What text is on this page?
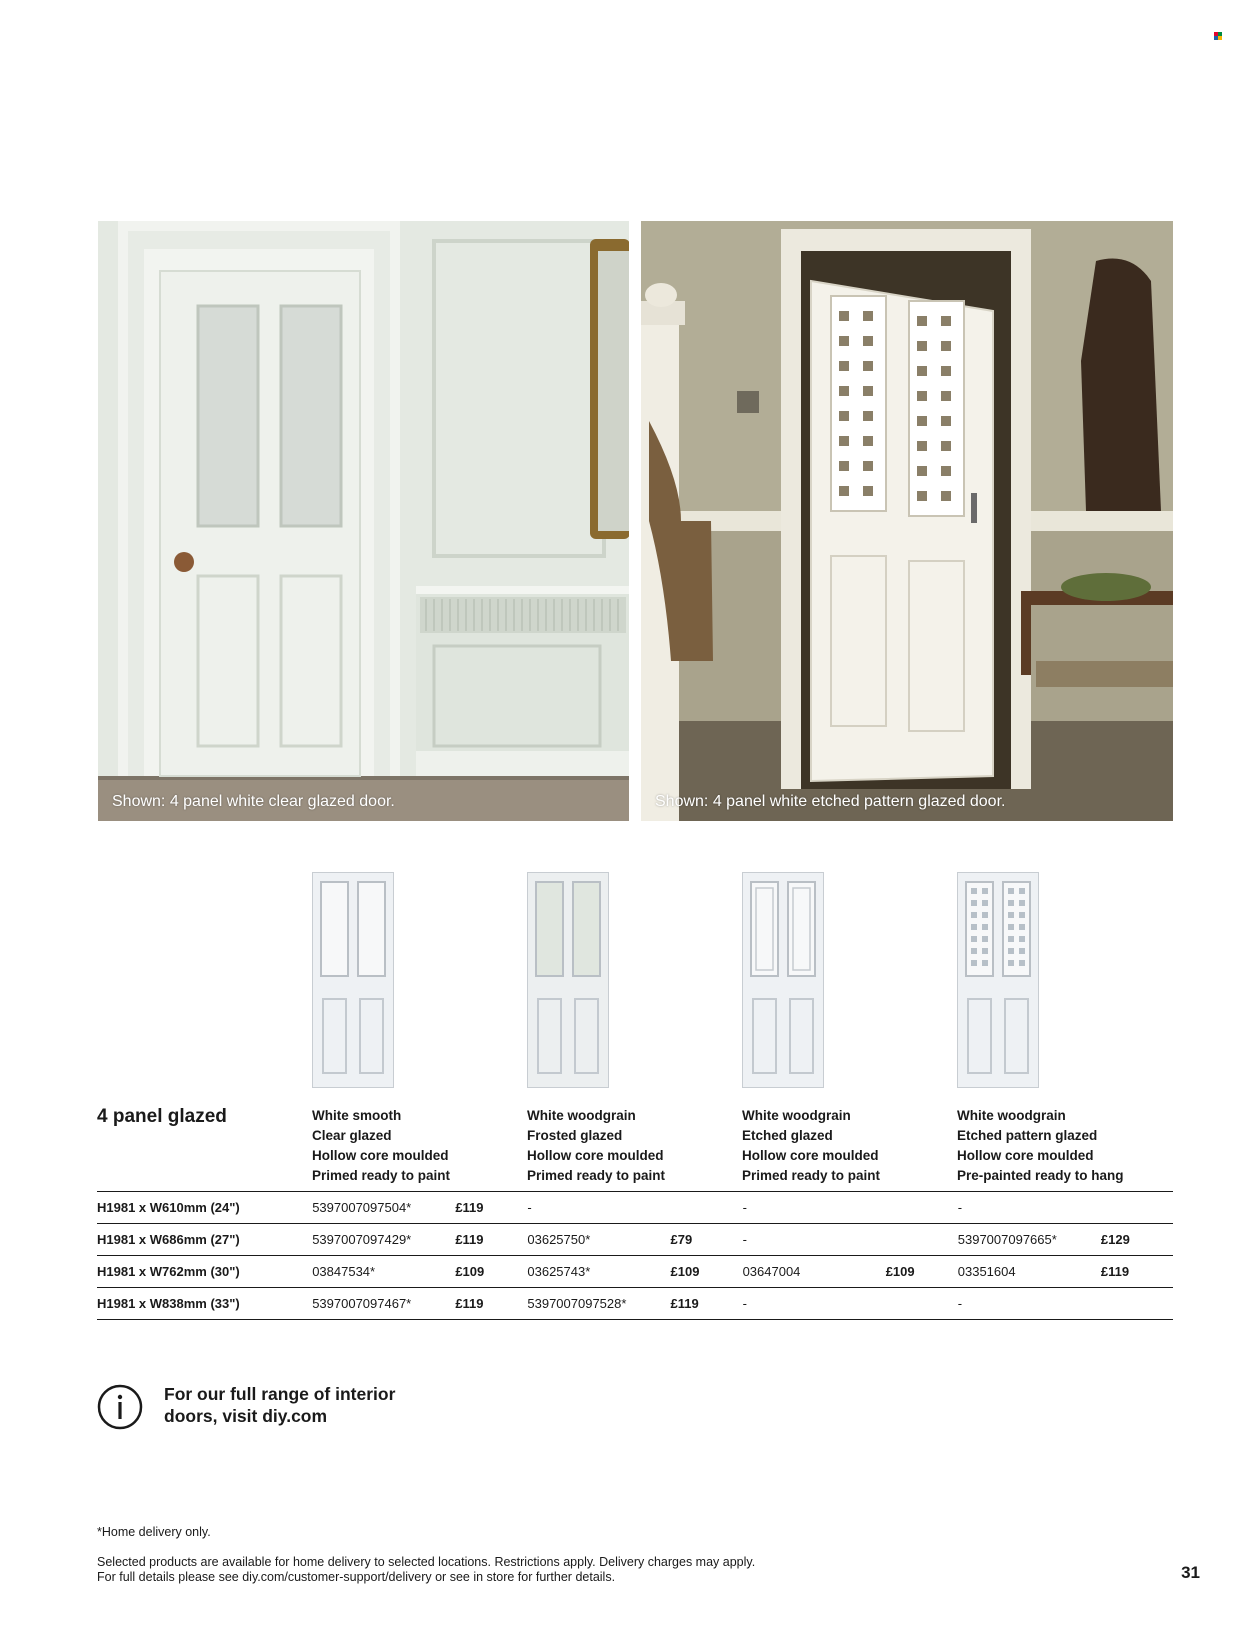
Shown: 4 panel white clear glazed door.	Shown: 4 panel white etched pattern glazed door.
4 panel glazed	White smooth
Clear glazed
Hollow core moulded
Primed ready to paint
White woodgrain
Frosted glazed
Hollow core moulded
Primed ready to paint
White woodgrain
Etched glazed
Hollow core moulded
Primed ready to paint
White woodgrain
Etched pattern glazed
Hollow core moulded
Pre-painted ready to hang
H1981 x W610mm (24")	5397007097504*	£119	-		-		-	
H1981 x W686mm (27")	5397007097429*	£119	03625750*	£79	-		5397007097665*	£129
H1981 x W762mm (30")	03847534*	£109	03625743*	£109	03647004	£109	03351604	£119
H1981 x W838mm (33")	5397007097467*	£119	5397007097528*	£119	-		-	
For our full range of interior
doors, visit diy.com
*Home delivery only.
Selected products are available for home delivery to selected locations. Restrictions apply. Delivery charges may apply.
For full details please see diy.com/customer-support/delivery or see in store for further details.	31
